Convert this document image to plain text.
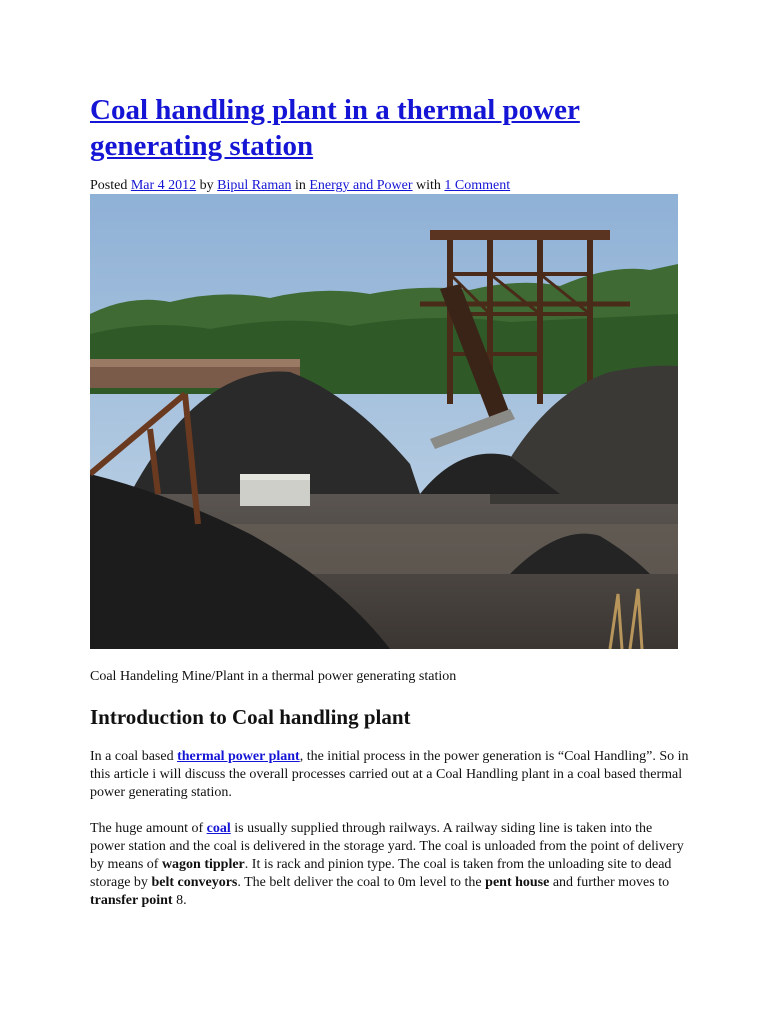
Coal handling plant in a thermal power generating station
Posted Mar 4 2012 by Bipul Raman in Energy and Power with 1 Comment
Coal Handeling Mine/Plant in a thermal power generating station
Introduction to Coal handling plant

In a coal based thermal power plant, the initial process in the power generation is “Coal Handling”. So in this article i will discuss the overall processes carried out at a Coal Handling plant in a coal based thermal power generating station.

The huge amount of coal is usually supplied through railways. A railway siding line is taken into the power station and the coal is delivered in the storage yard. The coal is unloaded from the point of delivery by means of wagon tippler. It is rack and pinion type. The coal is taken from the unloading site to dead storage by belt conveyors. The belt deliver the coal to 0m level to the pent house and further moves to transfer point 8.
